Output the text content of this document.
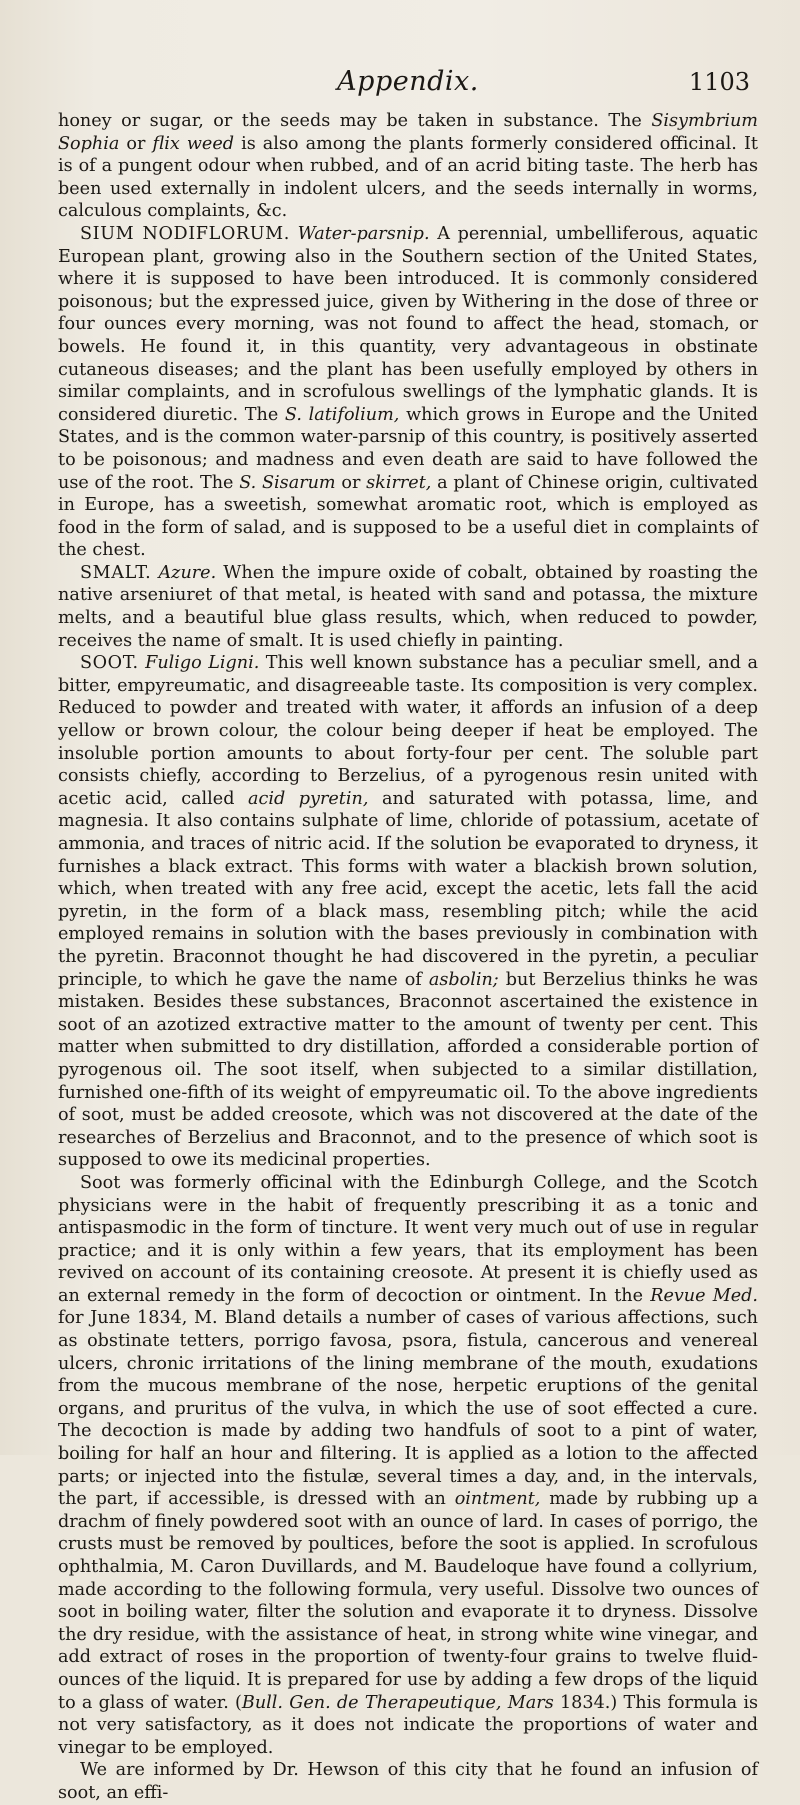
Appendix.	1103

honey or sugar, or the seeds may be taken in substance. The Sisymbrium Sophia or flix weed is also among the plants formerly considered officinal. It is of a pungent odour when rubbed, and of an acrid biting taste. The herb has been used externally in indolent ulcers, and the seeds internally in worms, calculous complaints, &c.

SIUM NODIFLORUM. Water-parsnip. A perennial, umbelliferous, aquatic European plant, growing also in the Southern section of the United States, where it is supposed to have been introduced. It is commonly considered poisonous; but the expressed juice, given by Withering in the dose of three or four ounces every morning, was not found to affect the head, stomach, or bowels. He found it, in this quantity, very advantageous in obstinate cutaneous diseases; and the plant has been usefully employed by others in similar complaints, and in scrofulous swellings of the lymphatic glands. It is considered diuretic. The S. latifolium, which grows in Europe and the United States, and is the common water-parsnip of this country, is positively asserted to be poisonous; and madness and even death are said to have followed the use of the root. The S. Sisarum or skirret, a plant of Chinese origin, cultivated in Europe, has a sweetish, somewhat aromatic root, which is employed as food in the form of salad, and is supposed to be a useful diet in complaints of the chest.

SMALT. Azure. When the impure oxide of cobalt, obtained by roasting the native arseniuret of that metal, is heated with sand and potassa, the mixture melts, and a beautiful blue glass results, which, when reduced to powder, receives the name of smalt. It is used chiefly in painting.

SOOT. Fuligo Ligni. This well known substance has a peculiar smell, and a bitter, empyreumatic, and disagreeable taste. Its composition is very complex. Reduced to powder and treated with water, it affords an infusion of a deep yellow or brown colour, the colour being deeper if heat be employed. The insoluble portion amounts to about forty-four per cent. The soluble part consists chiefly, according to Berzelius, of a pyrogenous resin united with acetic acid, called acid pyretin, and saturated with potassa, lime, and magnesia. It also contains sulphate of lime, chloride of potassium, acetate of ammonia, and traces of nitric acid. If the solution be evaporated to dryness, it furnishes a black extract. This forms with water a blackish brown solution, which, when treated with any free acid, except the acetic, lets fall the acid pyretin, in the form of a black mass, resembling pitch; while the acid employed remains in solution with the bases previously in combination with the pyretin. Braconnot thought he had discovered in the pyretin, a peculiar principle, to which he gave the name of asbolin; but Berzelius thinks he was mistaken. Besides these substances, Braconnot ascertained the existence in soot of an azotized extractive matter to the amount of twenty per cent. This matter when submitted to dry distillation, afforded a considerable portion of pyrogenous oil. The soot itself, when subjected to a similar distillation, furnished one-fifth of its weight of empyreumatic oil. To the above ingredients of soot, must be added creosote, which was not discovered at the date of the researches of Berzelius and Braconnot, and to the presence of which soot is supposed to owe its medicinal properties.

Soot was formerly officinal with the Edinburgh College, and the Scotch physicians were in the habit of frequently prescribing it as a tonic and antispasmodic in the form of tincture. It went very much out of use in regular practice; and it is only within a few years, that its employment has been revived on account of its containing creosote. At present it is chiefly used as an external remedy in the form of decoction or ointment. In the Revue Med. for June 1834, M. Bland details a number of cases of various affections, such as obstinate tetters, porrigo favosa, psora, fistula, cancerous and venereal ulcers, chronic irritations of the lining membrane of the mouth, exudations from the mucous membrane of the nose, herpetic eruptions of the genital organs, and pruritus of the vulva, in which the use of soot effected a cure. The decoction is made by adding two handfuls of soot to a pint of water, boiling for half an hour and filtering. It is applied as a lotion to the affected parts; or injected into the fistulæ, several times a day, and, in the intervals, the part, if accessible, is dressed with an ointment, made by rubbing up a drachm of finely powdered soot with an ounce of lard. In cases of porrigo, the crusts must be removed by poultices, before the soot is applied. In scrofulous ophthalmia, M. Caron Duvillards, and M. Baudeloque have found a collyrium, made according to the following formula, very useful. Dissolve two ounces of soot in boiling water, filter the solution and evaporate it to dryness. Dissolve the dry residue, with the assistance of heat, in strong white wine vinegar, and add extract of roses in the proportion of twenty-four grains to twelve fluid-ounces of the liquid. It is prepared for use by adding a few drops of the liquid to a glass of water. (Bull. Gen. de Therapeutique, Mars 1834.) This formula is not very satisfactory, as it does not indicate the proportions of water and vinegar to be employed.

We are informed by Dr. Hewson of this city that he found an infusion of soot, an effi-
